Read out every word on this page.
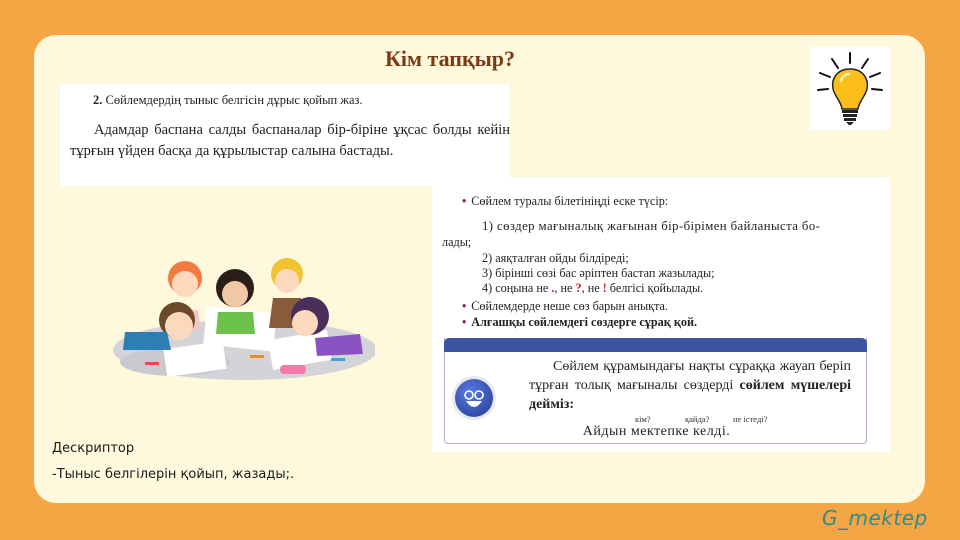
Кім тапқыр?
2. Сөйлемдердің тыныс белгісін дұрыс қойып жаз.
Адамдар баспана салды баспаналар бір-біріне ұқсас болды кейін тұрғын үйден басқа да құрылыстар салына бастады.
• Сөйлем туралы білетініңді еске түсір:
1) сөздер мағыналық жағынан бір-бірімен байланыста бо-
лады;
2) аяқталған ойды білдіреді;
3) бірінші сөзі бас әріптен бастап жазылады;
4) соңына не ., не ?, не ! белгісі қойылады.
• Сөйлемдерде неше сөз барын анықта.
• Алғашқы сөйлемдегі сөздерге сұрақ қой.
Сөйлем құрамындағы нақты сұраққа жауап беріп тұрған толық мағыналы сөздерді сөйлем мүшелері дейміз:
кім?	қайда?	не істеді?
Айдын мектепке келді.
Дескриптор
-Тыныс белгілерін қойып, жазады;.
G_mektep
